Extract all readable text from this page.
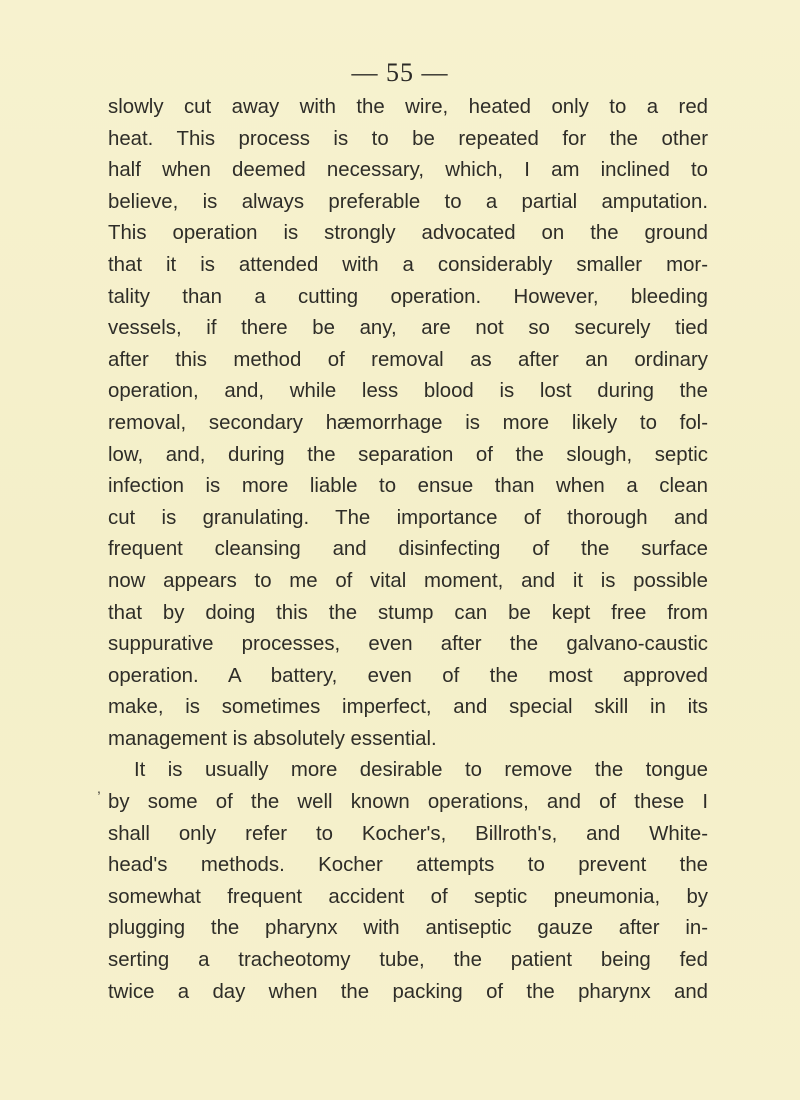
— 55 —
slowly cut away with the wire, heated only to a red
heat. This process is to be repeated for the other
half when deemed necessary, which, I am inclined to
believe, is always preferable to a partial amputation.
This operation is strongly advocated on the ground
that it is attended with a considerably smaller mor-
tality than a cutting operation. However, bleeding
vessels, if there be any, are not so securely tied
after this method of removal as after an ordinary
operation, and, while less blood is lost during the
removal, secondary hæmorrhage is more likely to fol-
low, and, during the separation of the slough, septic
infection is more liable to ensue than when a clean
cut is granulating. The importance of thorough and
frequent cleansing and disinfecting of the surface
now appears to me of vital moment, and it is possible
that by doing this the stump can be kept free from
suppurative processes, even after the galvano-caustic
operation. A battery, even of the most approved
make, is sometimes imperfect, and special skill in its
management is absolutely essential.
It is usually more desirable to remove the tongue
by some of the well known operations, and of these I
shall only refer to Kocher's, Billroth's, and White-
head's methods. Kocher attempts to prevent the
somewhat frequent accident of septic pneumonia, by
plugging the pharynx with antiseptic gauze after in-
serting a tracheotomy tube, the patient being fed
twice a day when the packing of the pharynx and
,
